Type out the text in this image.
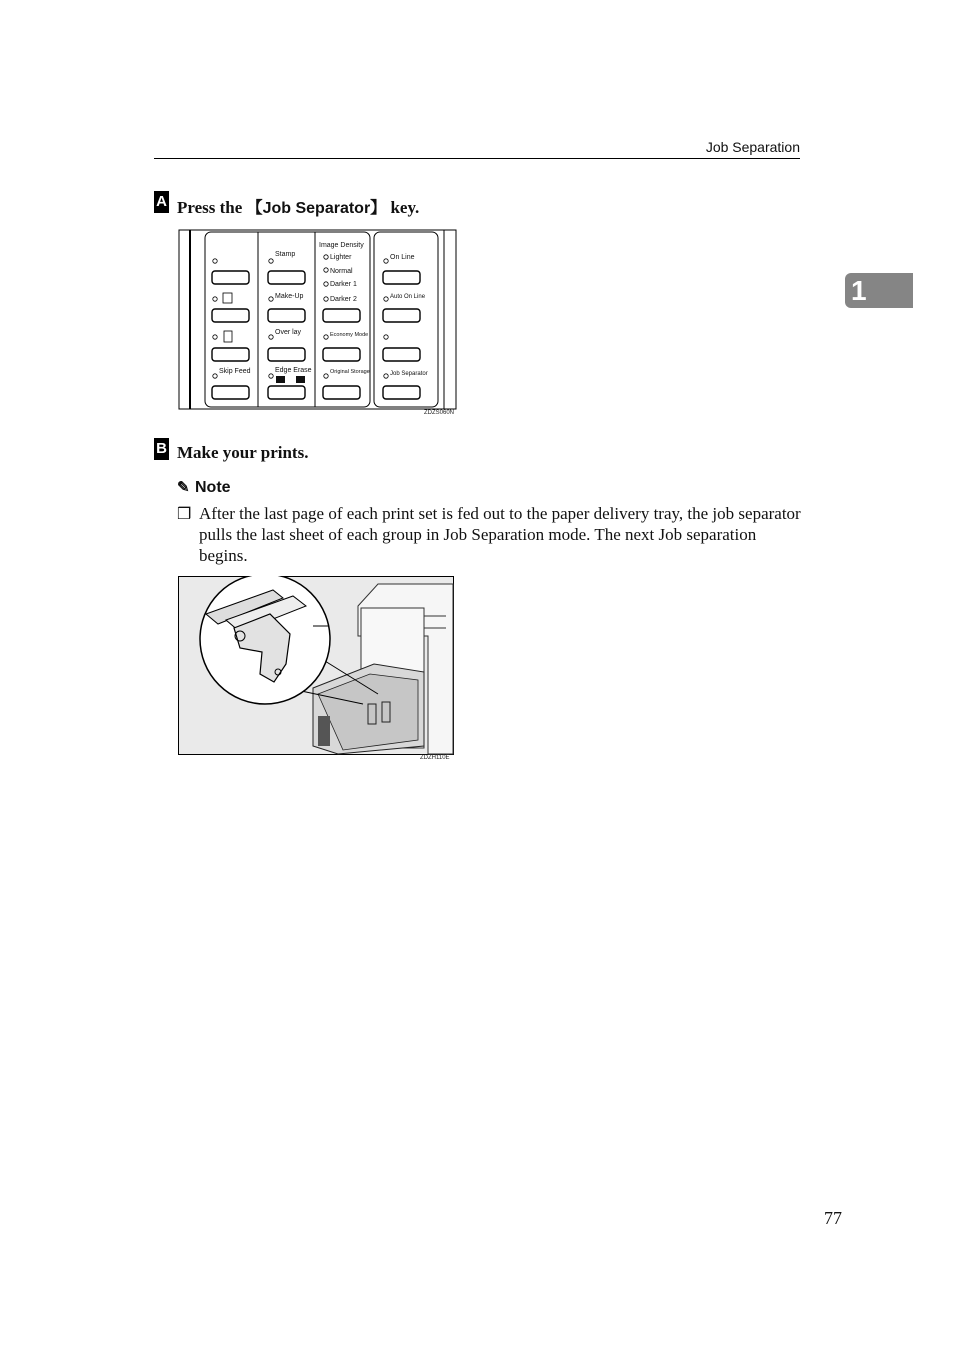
Job Separation
1
A Press the 【Job Separator】 key.
Skip Feed
Stamp
Make-Up
Over lay
Edge Erase
Image Density
Lighter
Normal
Darker 1
Darker 2
Economy Mode
Original Storage
On Line
Auto On Line
Job Separator
ZDZS060N
B Make your prints.
✎ Note
❒ After the last page of each print set is fed out to the paper delivery tray, the job separator pulls the last sheet of each group in Job Separation mode. The next Job separation begins.
ZDZH110E
77
